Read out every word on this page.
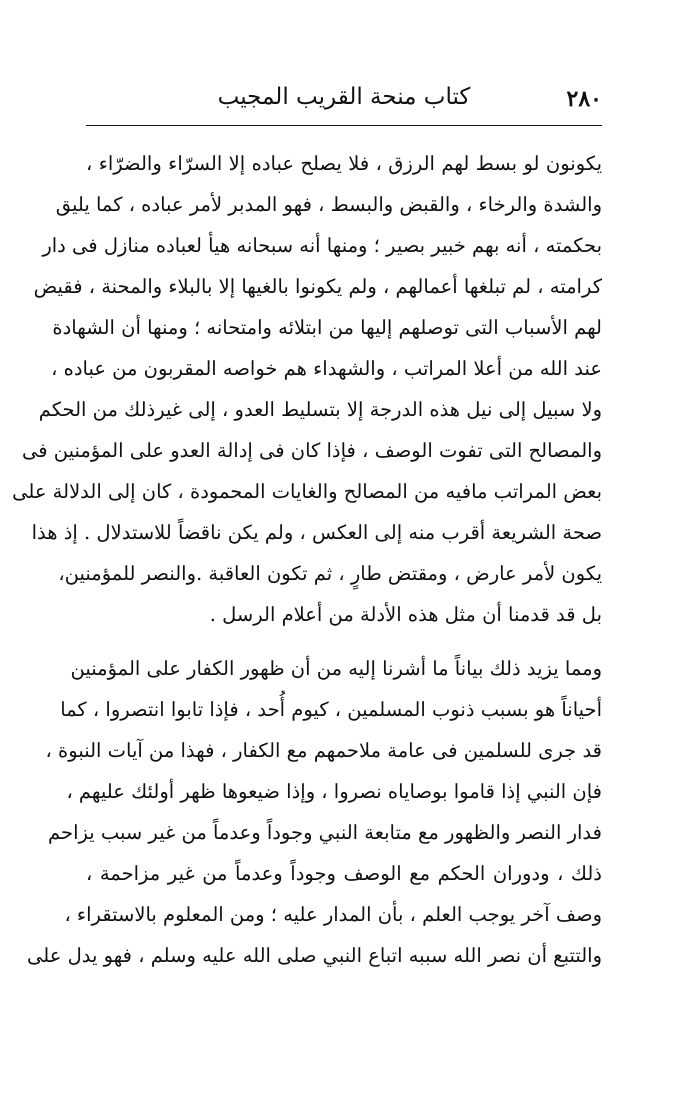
٢٨٠
كتاب منحة القريب المجيب
يكونون لو بسط لهم الرزق ، فلا يصلح عباده إلا السرّاء والضرّاء ،
والشدة والرخاء ، والقبض والبسط ، فهو المدبر لأمر عباده ، كما يليق
بحكمته ، أنه بهم خبير بصير ؛ ومنها أنه سبحانه هيأ لعباده منازل فى دار
كرامته ، لم تبلغها أعمالهم ، ولم يكونوا بالغيها إلا بالبلاء والمحنة ، فقيض
لهم الأسباب التى توصلهم إليها من ابتلائه وامتحانه ؛ ومنها أن الشهادة
عند الله من أعلا المراتب ، والشهداء هم خواصه المقربون من عباده ،
ولا سبيل إلى نيل هذه الدرجة إلا بتسليط العدو ، إلى غيرذلك من الحكم
والمصالح التى تفوت الوصف ، فإذا كان فى إدالة العدو على المؤمنين فى
بعض المراتب مافيه من المصالح والغايات المحمودة ، كان إلى الدلالة على
صحة الشريعة أقرب منه إلى العكس ، ولم يكن ناقضاً للاستدلال . إذ هذا
يكون لأمر عارض ، ومقتض طارٍ ، ثم تكون العاقبة .والنصر للمؤمنين،
بل قد قدمنا أن مثل هذه الأدلة من أعلام الرسل .
ومما يزيد ذلك بياناً ما أشرنا إليه من أن ظهور الكفار على المؤمنين
أحياناً هو بسبب ذنوب المسلمين ، كيوم أُحد ، فإذا تابوا انتصروا ، كما
قد جرى للسلمين فى عامة ملاحمهم مع الكفار ، فهذا من آيات النبوة ،
فإن النبي إذا قاموا بوصاياه نصروا ، وإذا ضيعوها ظهر أولئك عليهم ،
فدار النصر والظهور مع متابعة النبي وجوداً وعدماً من غير سبب يزاحم
ذلك ، ودوران الحكم مع الوصف وجوداً وعدماً من غير مزاحمة ،
وصف آخر يوجب العلم ، بأن المدار عليه ؛ ومن المعلوم بالاستقراء ،
والتتبع أن نصر الله سببه اتباع النبي صلى الله عليه وسلم ، فهو يدل على
